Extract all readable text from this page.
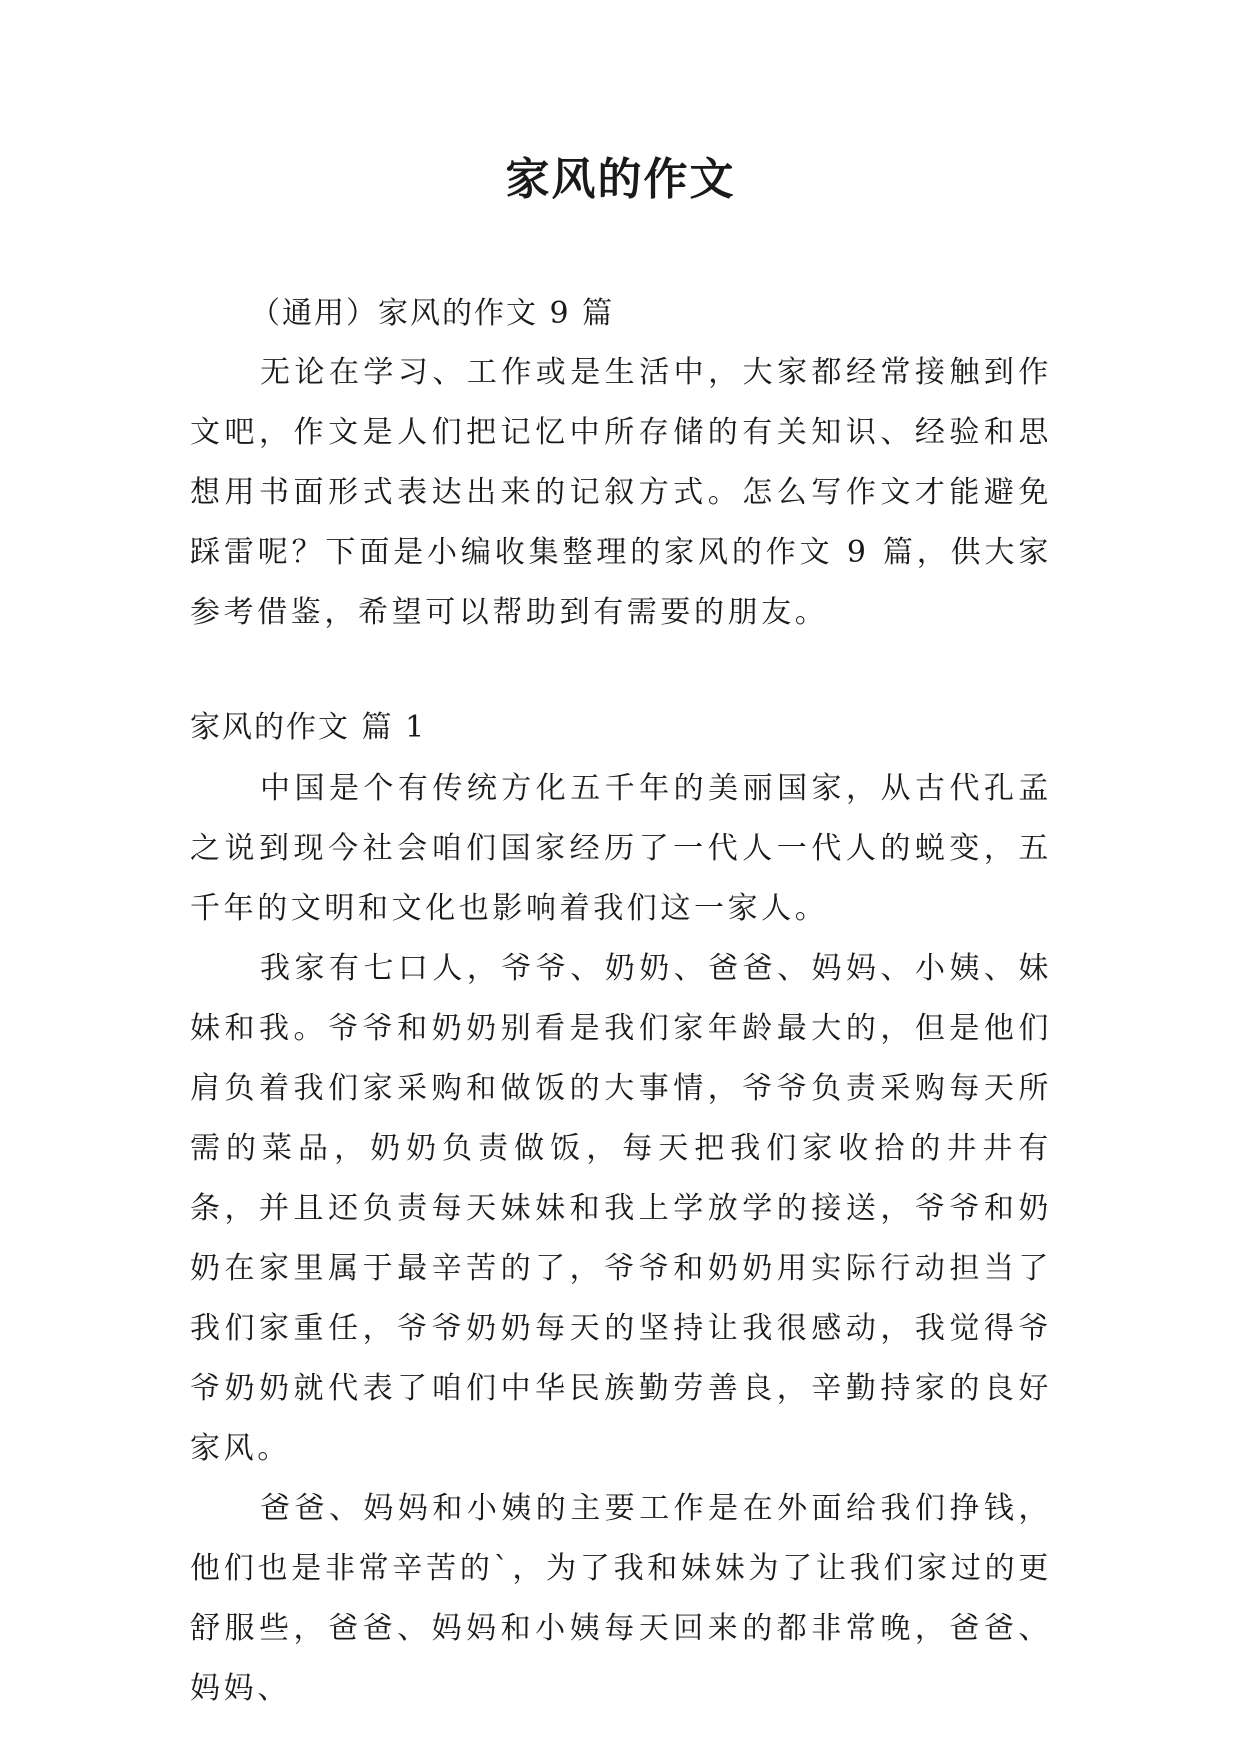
家风的作文

（通用）家风的作文 9 篇

无论在学习、工作或是生活中，大家都经常接触到作文吧，作文是人们把记忆中所存储的有关知识、经验和思想用书面形式表达出来的记叙方式。怎么写作文才能避免踩雷呢？下面是小编收集整理的家风的作文 9 篇，供大家参考借鉴，希望可以帮助到有需要的朋友。

家风的作文 篇 1

中国是个有传统方化五千年的美丽国家，从古代孔孟之说到现今社会咱们国家经历了一代人一代人的蜕变，五千年的文明和文化也影响着我们这一家人。

我家有七口人，爷爷、奶奶、爸爸、妈妈、小姨、妹妹和我。爷爷和奶奶别看是我们家年龄最大的，但是他们肩负着我们家采购和做饭的大事情，爷爷负责采购每天所需的菜品，奶奶负责做饭，每天把我们家收拾的井井有条，并且还负责每天妹妹和我上学放学的接送，爷爷和奶奶在家里属于最辛苦的了，爷爷和奶奶用实际行动担当了我们家重任，爷爷奶奶每天的坚持让我很感动，我觉得爷爷奶奶就代表了咱们中华民族勤劳善良，辛勤持家的良好家风。

爸爸、妈妈和小姨的主要工作是在外面给我们挣钱，他们也是非常辛苦的`，为了我和妹妹为了让我们家过的更舒服些，爸爸、妈妈和小姨每天回来的都非常晚，爸爸、妈妈、
